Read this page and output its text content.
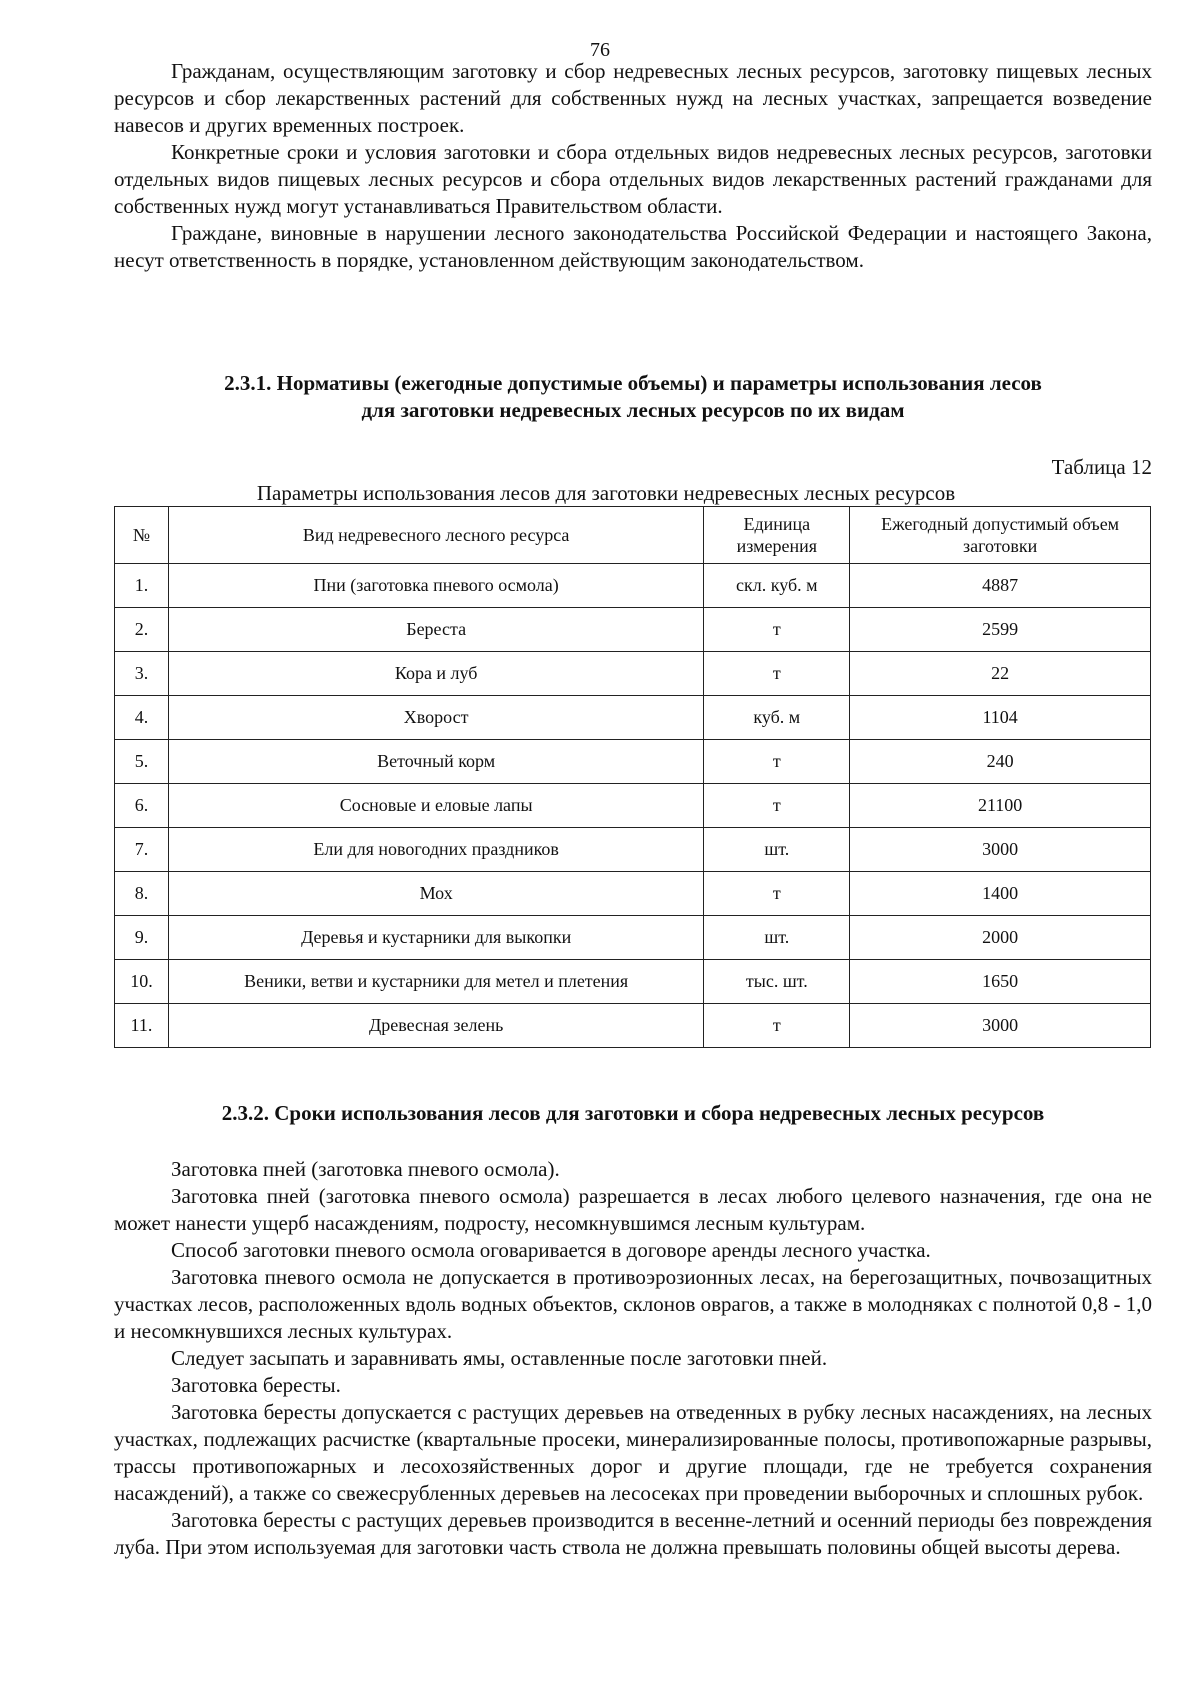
76

Гражданам, осуществляющим заготовку и сбор недревесных лесных ресурсов, заготовку пищевых лесных ресурсов и сбор лекарственных растений для собственных нужд на лесных участках, запрещается возведение навесов и других временных построек.

Конкретные сроки и условия заготовки и сбора отдельных видов недревесных лесных ресурсов, заготовки отдельных видов пищевых лесных ресурсов и сбора отдельных видов лекарственных растений гражданами для собственных нужд могут устанавливаться Правительством области.

Граждане, виновные в нарушении лесного законодательства Российской Федерации и настоящего Закона, несут ответственность в порядке, установленном действующим законодательством.

2.3.1. Нормативы (ежегодные допустимые объемы) и параметры использования лесов
для заготовки недревесных лесных ресурсов по их видам
Таблица 12
Параметры использования лесов для заготовки недревесных лесных ресурсов
№	Вид недревесного лесного ресурса	Единица измерения	Ежегодный допустимый объем заготовки
1.	Пни (заготовка пневого осмола)	скл. куб. м	4887
2.	Береста	т	2599
3.	Кора и луб	т	22
4.	Хворост	куб. м	1104
5.	Веточный корм	т	240
6.	Сосновые и еловые лапы	т	21100
7.	Ели для новогодних праздников	шт.	3000
8.	Мох	т	1400
9.	Деревья и кустарники для выкопки	шт.	2000
10.	Веники, ветви и кустарники для метел и плетения	тыс. шт.	1650
11.	Древесная зелень	т	3000
2.3.2. Сроки использования лесов для заготовки и сбора недревесных лесных ресурсов

Заготовка пней (заготовка пневого осмола).

Заготовка пней (заготовка пневого осмола) разрешается в лесах любого целевого назначения, где она не может нанести ущерб насаждениям, подросту, несомкнувшимся лесным культурам.

Способ заготовки пневого осмола оговаривается в договоре аренды лесного участка.

Заготовка пневого осмола не допускается в противоэрозионных лесах, на берегозащитных, почвозащитных участках лесов, расположенных вдоль водных объектов, склонов оврагов, а также в молодняках с полнотой 0,8 - 1,0 и несомкнувшихся лесных культурах.

Следует засыпать и заравнивать ямы, оставленные после заготовки пней.

Заготовка бересты.

Заготовка бересты допускается с растущих деревьев на отведенных в рубку лесных насаждениях, на лесных участках, подлежащих расчистке (квартальные просеки, минерализированные полосы, противопожарные разрывы, трассы противопожарных и лесохозяйственных дорог и другие площади, где не требуется сохранения насаждений), а также со свежесрубленных деревьев на лесосеках при проведении выборочных и сплошных рубок.

Заготовка бересты с растущих деревьев производится в весенне-летний и осенний периоды без повреждения луба. При этом используемая для заготовки часть ствола не должна превышать половины общей высоты дерева.
